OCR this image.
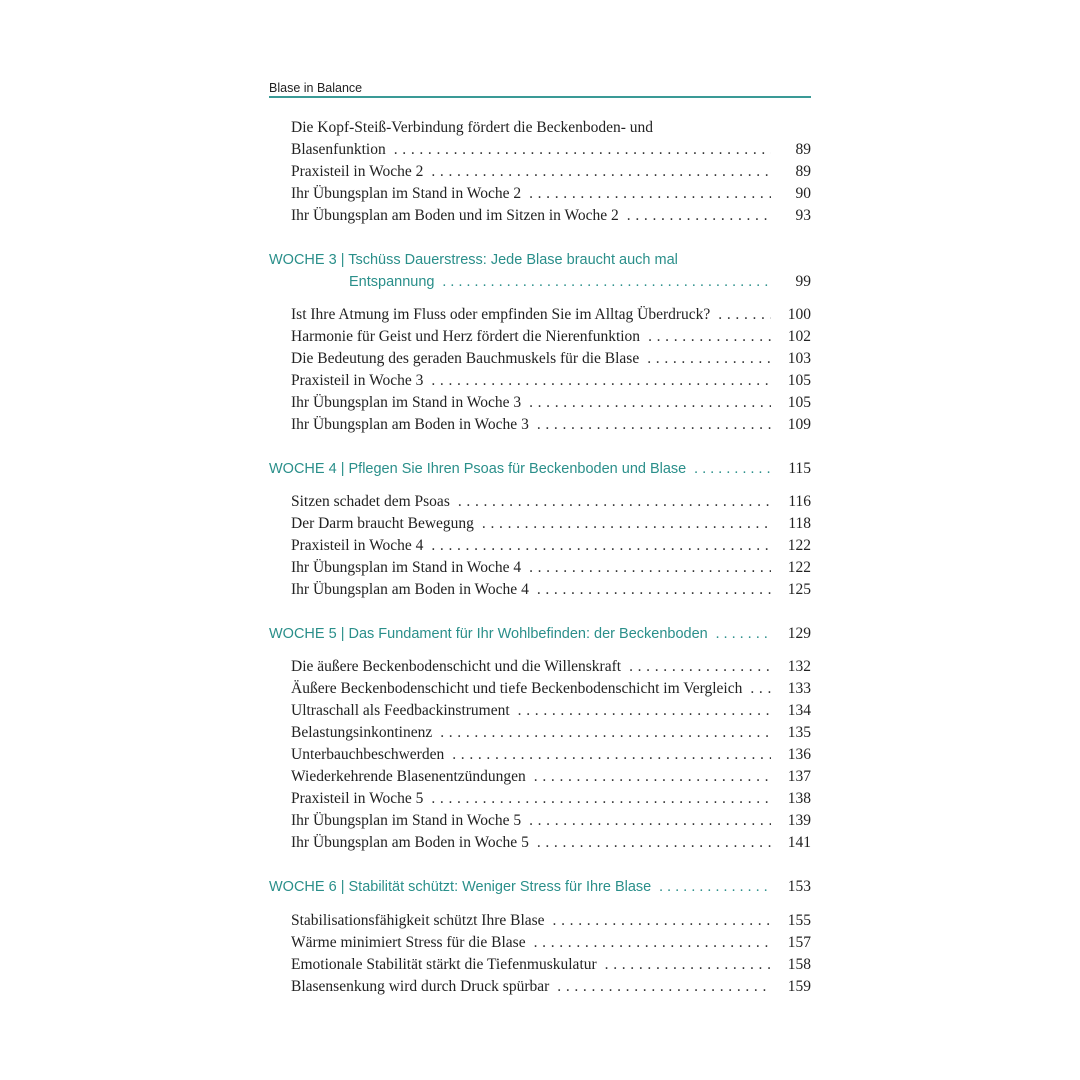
Blase in Balance
Die Kopf-Steiß-Verbindung fördert die Beckenboden- und
Blasenfunktion . . .	89
Praxisteil in Woche 2 . . .	89
Ihr Übungsplan im Stand in Woche 2 . . .	90
Ihr Übungsplan am Boden und im Sitzen in Woche 2 . . .	93
WOCHE 3 | Tschüss Dauerstress: Jede Blase braucht auch mal
Entspannung . . .	99
Ist Ihre Atmung im Fluss oder empfinden Sie im Alltag Überdruck? . . .	100
Harmonie für Geist und Herz fördert die Nierenfunktion . . .	102
Die Bedeutung des geraden Bauchmuskels für die Blase . . .	103
Praxisteil in Woche 3 . . .	105
Ihr Übungsplan im Stand in Woche 3 . . .	105
Ihr Übungsplan am Boden in Woche 3 . . .	109
WOCHE 4 | Pflegen Sie Ihren Psoas für Beckenboden und Blase . . .	115
Sitzen schadet dem Psoas . . .	116
Der Darm braucht Bewegung . . .	118
Praxisteil in Woche 4 . . .	122
Ihr Übungsplan im Stand in Woche 4 . . .	122
Ihr Übungsplan am Boden in Woche 4 . . .	125
WOCHE 5 | Das Fundament für Ihr Wohlbefinden: der Beckenboden . . .	129
Die äußere Beckenbodenschicht und die Willenskraft . . .	132
Äußere Beckenbodenschicht und tiefe Beckenbodenschicht im Vergleich . . .	133
Ultraschall als Feedbackinstrument . . .	134
Belastungsinkontinenz . . .	135
Unterbauchbeschwerden . . .	136
Wiederkehrende Blasenentzündungen . . .	137
Praxisteil in Woche 5 . . .	138
Ihr Übungsplan im Stand in Woche 5 . . .	139
Ihr Übungsplan am Boden in Woche 5 . . .	141
WOCHE 6 | Stabilität schützt: Weniger Stress für Ihre Blase . . .	153
Stabilisationsfähigkeit schützt Ihre Blase . . .	155
Wärme minimiert Stress für die Blase . . .	157
Emotionale Stabilität stärkt die Tiefenmuskulatur . . .	158
Blasensenkung wird durch Druck spürbar . . .	159
